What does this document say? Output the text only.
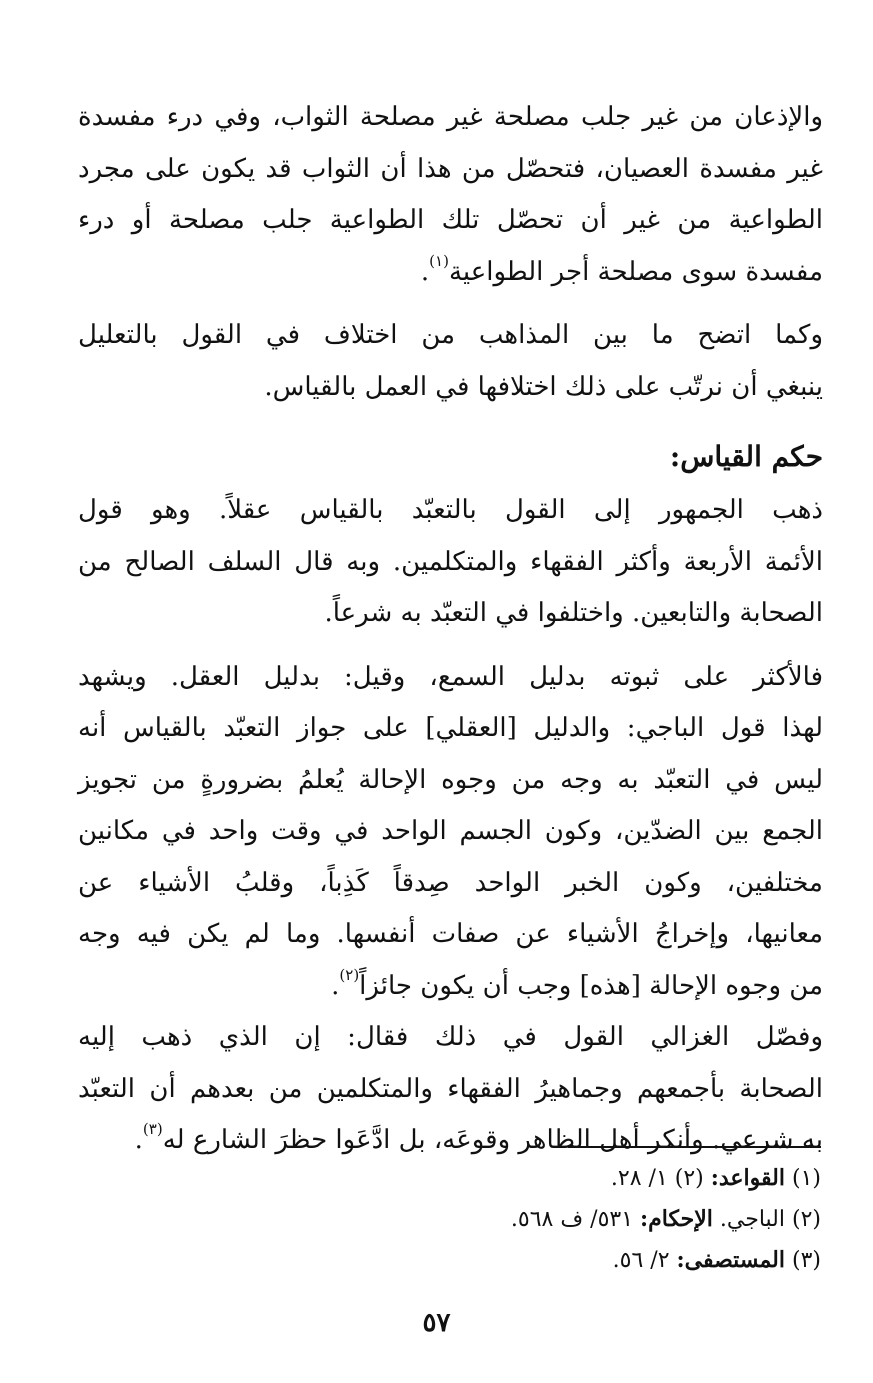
والإذعان من غير جلب مصلحة غير مصلحة الثواب، وفي درء مفسدة
غير مفسدة العصيان، فتحصّل من هذا أن الثواب قد يكون على مجرد
الطواعية من غير أن تحصّل تلك الطواعية جلب مصلحة أو درء
مفسدة سوى مصلحة أجر الطواعية$^{(١)}$.

وكما اتضح ما بين المذاهب من اختلاف في القول بالتعليل
ينبغي أن نرتّب على ذلك اختلافها في العمل بالقياس.

حكم القياس:

ذهب الجمهور إلى القول بالتعبّد بالقياس عقلاً. وهو قول
الأئمة الأربعة وأكثر الفقهاء والمتكلمين. وبه قال السلف الصالح من
الصحابة والتابعين. واختلفوا في التعبّد به شرعاً.

فالأكثر على ثبوته بدليل السمع، وقيل: بدليل العقل. ويشهد
لهذا قول الباجي: والدليل [العقلي] على جواز التعبّد بالقياس أنه
ليس في التعبّد به وجه من وجوه الإحالة يُعلمُ بضرورةٍ من تجويز
الجمع بين الضدّين، وكون الجسم الواحد في وقت واحد في مكانين
مختلفين، وكون الخبر الواحد صِدقاً كَذِباً، وقلبُ الأشياء عن
معانيها، وإخراجُ الأشياء عن صفات أنفسها. وما لم يكن فيه وجه
من وجوه الإحالة [هذه] وجب أن يكون جائزاً$^{(٢)}$.

وفصّل الغزالي القول في ذلك فقال: إن الذي ذهب إليه
الصحابة بأجمعهم وجماهيرُ الفقهاء والمتكلمين من بعدهم أن التعبّد
به شرعي. وأنكر أهل الظاهر وقوعَه، بل ادَّعَوا حظرَ الشارع له$^{(٣)}$.

(١) القواعد: (٢) ١/ ٢٨.
(٢) الباجي. الإحكام: ٥٣١/ ف ٥٦٨.
(٣) المستصفى: ٢/ ٥٦.
٥٧
